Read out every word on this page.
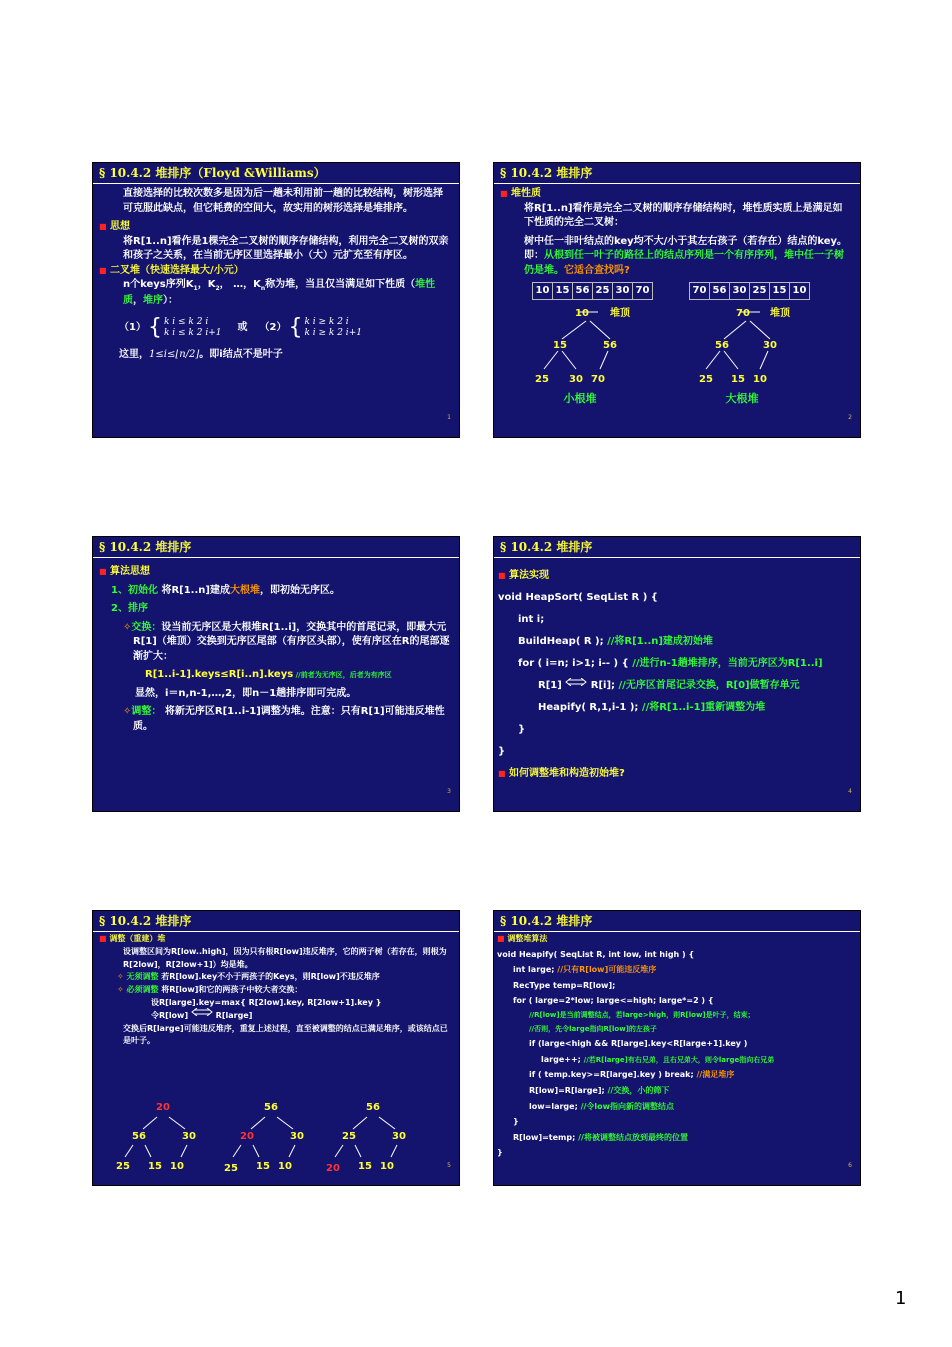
§ 10.4.2 堆排序（Floyd &Williams）

直接选择的比较次数多是因为后一趟未利用前一趟的比较结构，树形选择可克服此缺点，但它耗费的空间大，故实用的树形选择是堆排序。

■ 思想

将R[1..n]看作是1棵完全二叉树的顺序存储结构，利用完全二叉树的双亲和孩子之关系，在当前无序区里选择最小（大）元扩充至有序区。

■ 二叉堆（快速选择最大/小元）

n个keys序列$K_1$，$K_2$， …，$K_n$称为堆，当且仅当满足如下性质（堆性质，堆序）：

（1） { k i ≤ k 2 i
k i ≤ k 2 i+1
或 （2） { k i ≥ k 2 i
k i ≥ k 2 i+1

这里，1≤i≤⌊n/2⌋。即i结点不是叶子

1
§ 10.4.2 堆排序

■ 堆性质

将R[1..n]看作是完全二叉树的顺序存储结构时，堆性质实质上是满足如下性质的完全二叉树：

树中任一非叶结点的key均不大/小于其左右孩子（若存在）结点的key。即：从根到任一叶子的路径上的结点序列是一个有序序列，堆中任一子树仍是堆。它适合查找吗?

10 15 56 25 30 70	70 56 30 25 15 10
10 堆顶
15	56
25 30 70
70 堆顶
56	30
25 15 10
小根堆	大根堆
2
§ 10.4.2 堆排序

■ 算法思想

1、初始化 将R[1..n]建成大根堆，即初始无序区。

2、排序

✧交换：设当前无序区是大根堆R[1..i]，交换其中的首尾记录，即最大元R[1]（堆顶）交换到无序区尾部（有序区头部），使有序区在R的尾部逐渐扩大：

R[1..i-1].keys≤R[i..n].keys //前者为无序区，后者为有序区

显然，i＝n,n-1,…,2，即n－1趟排序即可完成。

✧调整： 将新无序区R[1..i-1]调整为堆。注意：只有R[1]可能违反堆性质。

3
§ 10.4.2 堆排序

■ 算法实现

void HeapSort( SeqList R ) {

int i;

BuildHeap( R ); //将R[1..n]建成初始堆

for ( i=n; i>1; i-- ) { //进行n-1趟堆排序，当前无序区为R[1..i]

R[1]
R[i]; //无序区首尾记录交换，R[0]做暂存单元

Heapify( R,1,i-1 ); //将R[1..i-1]重新调整为堆

}

}

■ 如何调整堆和构造初始堆?

4
§ 10.4.2 堆排序

■ 调整（重建）堆

设调整区间为R[low..high]，因为只有根R[low]违反堆序，它的两子树（若存在，则根为R[2low]，R[2low+1]）均是堆。

✧ 无须调整 若R[low].key不小于两孩子的Keys，则R[low]不违反堆序

✧ 必须调整 将R[low]和它的两孩子中较大者交换：

设R[large].key=max{ R[2low].key, R[2low+1].key }

令R[low]	R[large]

交换后R[large]可能违反堆序，重复上述过程，直至被调整的结点已满足堆序，或该结点已是叶子。

20
56	30
25 15 10
56
20	30
25 15 10
56
25	30
20 15 10	5
§ 10.4.2 堆排序

■ 调整堆算法

void Heapify( SeqList R, int low, int high ) {

int large; //只有R[low]可能违反堆序

RecType temp=R[low];

for ( large=2*low; large<=high; large*=2 ) {

//R[low]是当前调整结点，若large>high，则R[low]是叶子，结束；

//否则，先令large指向R[low]的左孩子

if (large<high && R[large].key<R[large+1].key )

large++; //若R[large]有右兄弟，且右兄弟大，则令large指向右兄弟

if ( temp.key>=R[large].key ) break; //满足堆序

R[low]=R[large]; //交换，小的筛下

low=large; //令low指向新的调整结点

}

R[low]=temp; //将被调整结点放到最终的位置

}

6
1
